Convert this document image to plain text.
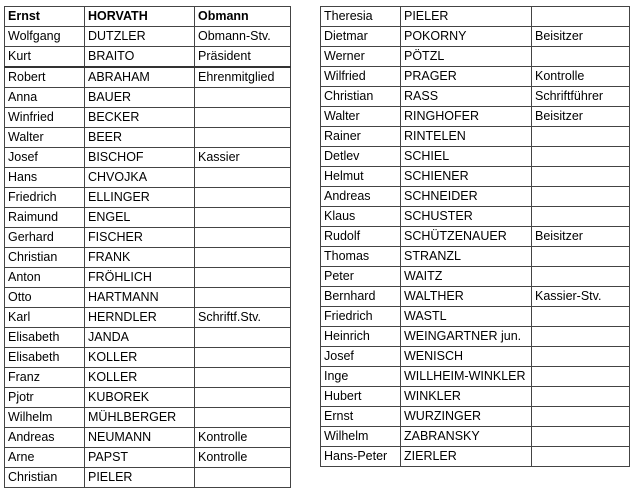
Ernst	HORVATH	Obmann
Wolfgang	DUTZLER	Obmann-Stv.
Kurt	BRAITO	Präsident
Robert	ABRAHAM	Ehrenmitglied
Anna	BAUER	
Winfried	BECKER	
Walter	BEER	
Josef	BISCHOF	Kassier
Hans	CHVOJKA	
Friedrich	ELLINGER	
Raimund	ENGEL	
Gerhard	FISCHER	
Christian	FRANK	
Anton	FRÖHLICH	
Otto	HARTMANN	
Karl	HERNDLER	Schriftf.Stv.
Elisabeth	JANDA	
Elisabeth	KOLLER	
Franz	KOLLER	
Pjotr	KUBOREK	
Wilhelm	MÜHLBERGER	
Andreas	NEUMANN	Kontrolle
Arne	PAPST	Kontrolle
Christian	PIELER	
Theresia	PIELER	
Dietmar	POKORNY	Beisitzer
Werner	PÖTZL	
Wilfried	PRAGER	Kontrolle
Christian	RASS	Schriftführer
Walter	RINGHOFER	Beisitzer
Rainer	RINTELEN	
Detlev	SCHIEL	
Helmut	SCHIENER	
Andreas	SCHNEIDER	
Klaus	SCHUSTER	
Rudolf	SCHÜTZENAUER	Beisitzer
Thomas	STRANZL	
Peter	WAITZ	
Bernhard	WALTHER	Kassier-Stv.
Friedrich	WASTL	
Heinrich	WEINGARTNER jun.	
Josef	WENISCH	
Inge	WILLHEIM-WINKLER	
Hubert	WINKLER	
Ernst	WURZINGER	
Wilhelm	ZABRANSKY	
Hans-Peter	ZIERLER	
